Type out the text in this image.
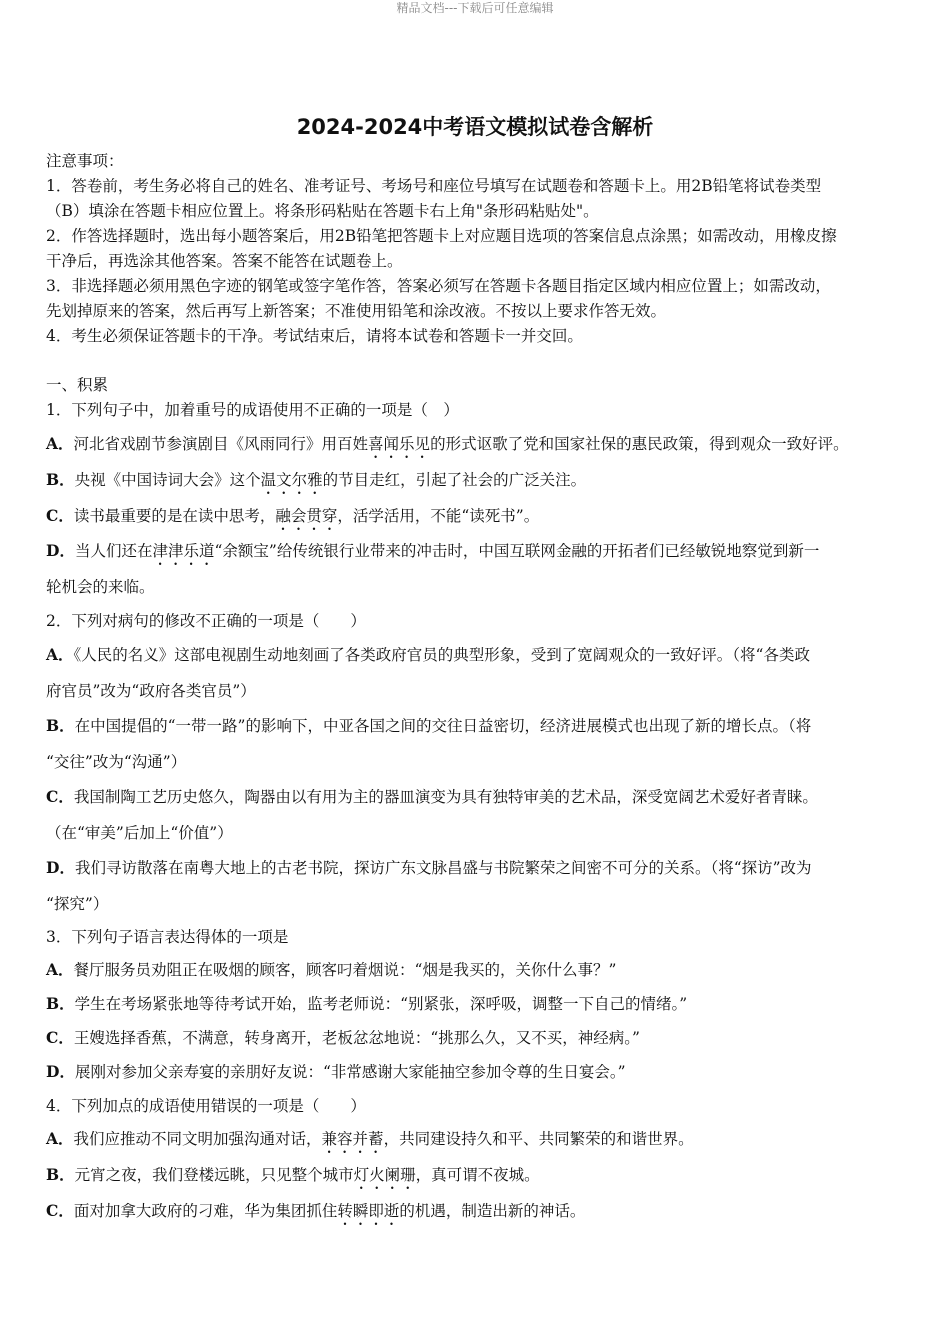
精品文档---下载后可任意编辑
2024-2024中考语文模拟试卷含解析
注意事项：
1．答卷前，考生务必将自己的姓名、准考证号、考场号和座位号填写在试题卷和答题卡上。用2B铅笔将试卷类型
（B）填涂在答题卡相应位置上。将条形码粘贴在答题卡右上角"条形码粘贴处"。
2．作答选择题时，选出每小题答案后，用2B铅笔把答题卡上对应题目选项的答案信息点涂黑；如需改动，用橡皮擦
干净后，再选涂其他答案。答案不能答在试题卷上。
3．非选择题必须用黑色字迹的钢笔或签字笔作答，答案必须写在答题卡各题目指定区域内相应位置上；如需改动，
先划掉原来的答案，然后再写上新答案；不准使用铅笔和涂改液。不按以上要求作答无效。
4．考生必须保证答题卡的干净。考试结束后，请将本试卷和答题卡一并交回。
一、积累
1．下列句子中，加着重号的成语使用不正确的一项是（　）
A．河北省戏剧节参演剧目《风雨同行》用百姓喜闻乐见的形式讴歌了党和国家社保的惠民政策，得到观众一致好评。
B．央视《中国诗词大会》这个温文尔雅的节目走红，引起了社会的广泛关注。
C．读书最重要的是在读中思考，融会贯穿，活学活用，不能“读死书”。
D．当人们还在津津乐道“余额宝”给传统银行业带来的冲击时，中国互联网金融的开拓者们已经敏锐地察觉到新一
轮机会的来临。
2．下列对病句的修改不正确的一项是（　　）
A．《人民的名义》这部电视剧生动地刻画了各类政府官员的典型形象，受到了宽阔观众的一致好评。（将“各类政
府官员”改为“政府各类官员”）
B．在中国提倡的“一带一路”的影响下，中亚各国之间的交往日益密切，经济进展模式也出现了新的增长点。（将
“交往”改为“沟通”）
C．我国制陶工艺历史悠久，陶器由以有用为主的器皿演变为具有独特审美的艺术品，深受宽阔艺术爱好者青睐。
（在“审美”后加上“价值”）
D．我们寻访散落在南粤大地上的古老书院，探访广东文脉昌盛与书院繁荣之间密不可分的关系。（将“探访”改为
“探究”）
3．下列句子语言表达得体的一项是
A．餐厅服务员劝阻正在吸烟的顾客，顾客叼着烟说：“烟是我买的，关你什么事？”
B．学生在考场紧张地等待考试开始，监考老师说：“别紧张，深呼吸，调整一下自己的情绪。”
C．王嫂选择香蕉，不满意，转身离开，老板忿忿地说：“挑那么久，又不买，神经病。”
D．展刚对参加父亲寿宴的亲朋好友说：“非常感谢大家能抽空参加令尊的生日宴会。”
4．下列加点的成语使用错误的一项是（　　）
A．我们应推动不同文明加强沟通对话，兼容并蓄，共同建设持久和平、共同繁荣的和谐世界。
B．元宵之夜，我们登楼远眺，只见整个城市灯火阑珊，真可谓不夜城。
C．面对加拿大政府的刁难，华为集团抓住转瞬即逝的机遇，制造出新的神话。
